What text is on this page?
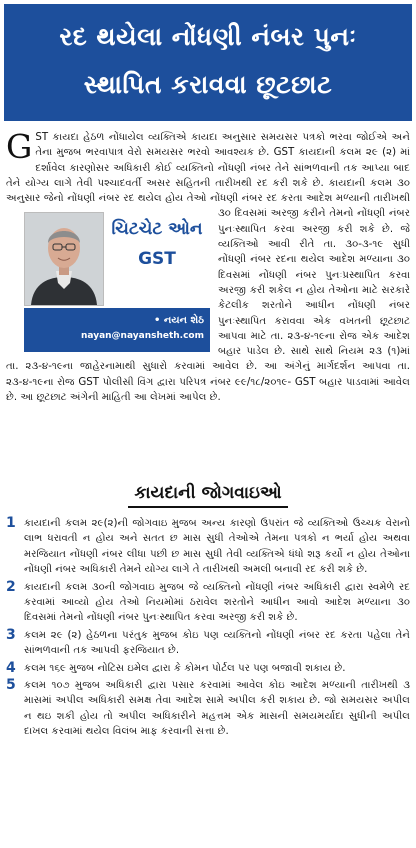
રદ થયેલા નોંધણી નંબર પુનઃ
સ્થાપિત કરાવવા છૂટછાટ
G ST કાયદા હેઠળ નોંધાયેલ વ્યક્તિએ કાયદા અનુસાર સમયસર પત્રકો ભરવા જોઈએ અને તેના મુજબ ભરવાપાત્ર વેરો સમયસર ભરવો આવશ્યક છે. GST કાયદાની કલમ ૨૯ (૨) માં દર્શાવેલ કારણોસર અધિકારી કોઈ વ્યક્તિનો નોંધણી નંબર તેને સાંભળવાની તક આપ્યા બાદ તેને યોગ્ય લાગે તેવી પશ્ચાદવર્તી અસર સહિતની તારીખથી રદ કરી શકે છે. કાયદાની કલમ ૩૦ અનુસાર જેનો નોંધણી નંબર રદ થયેલ હોય તેઓ નોંધણી નંબર રદ કરતા આદેશ મળ્યાની તારીખથી ૩૦ દિવસમાં અરજી
ચિટચેટ ઓન
GST
• નયન શેઠ
nayan@nayansheth.com
કરીને તેમનો નોંધણી નંબર પુનઃસ્થાપિત કરવા અરજી કરી શકે છે. જે વ્યક્તિઓ આવી રીતે તા. ૩૦-૩-૧૯ સુધી નોંધણી નંબર રદના થયેલ આદેશ મળ્યાના ૩૦ દિવસમાં નોંધણી નંબર પુનઃપ્રસ્થાપિત કરવા અરજી કરી શકેલ ન હોય તેઓના માટે સરકારે કેટલીક શરતોને આધીન નોંધણી નંબર પુનઃસ્થાપિત કરાવવા એક વખતની છૂટછાટ આપવા માટે તા. ૨૩-૪-૧૯ના રોજ એક આદેશ બહાર પાડેલ છે. સાથે સાથે નિયમ ૨૩ (૧)માં તા. ૨૩-૪-૧૯ના જાહેરનામાથી સુધારો કરવામાં આવેલ છે. આ અંગેનું માર્ગદર્શન આપવા તા. ૨૩-૪-૧૯ના રોજ GST પોલીસી વિંગ દ્વારા પરિપત્ર નંબર ૯૯/૧૮/૨૦૧૯- GST બહાર પાડવામાં આવેલ છે. આ છૂટછાટ અંગેની માહિતી આ લેખમાં આપેલ છે.
કાયદાની જોગવાઇઓ
1 કાયદાની કલમ ૨૯(૨)ની જોગવાઇ મુજબ અન્ય કારણો ઉપરાંત જે વ્યક્તિઓ ઉચ્ચક વેરાનો લાભ ધરાવતી ન હોય અને સતત છ માસ સુધી તેઓએ તેમના પત્રકો ન ભર્યા હોય અથવા મરજિયાત નોંધણી નંબર લીધા પછી છ માસ સુધી તેવી વ્યક્તિએ ધંધો શરૂ કર્યો ન હોય તેઓના નોંધણી નંબર અધિકારી તેમને યોગ્ય લાગે તે તારીખથી અમલી બનાવી રદ કરી શકે છે.
2 કાયદાની કલમ ૩૦ની જોગવાઇ મુજબ જે વ્યક્તિનો નોંધણી નંબર અધિકારી દ્વારા સ્વમેળે રદ કરવામાં આવ્યો હોય તેઓ નિયમોમાં ઠરાવેલ શરતોને આધીન આવો આદેશ મળ્યાના ૩૦ દિવસમાં તેમનો નોંધણી નંબર પુનઃસ્થાપિત કરવા અરજી કરી શકે છે.
3 કલમ ૨૯ (૨) હેઠળના પરંતુક મુજબ કોઇ પણ વ્યક્તિનો નોંધણી નંબર રદ કરતા પહેલા તેને સાંભળવાની તક આપવી ફરજિયાત છે.
4 કલમ ૧૬૯ મુજબ નોટિસ ઇમેલ દ્વારા કે કોમન પોર્ટલ પર પણ બજાવી શકાય છે.
5 કલમ ૧૦૭ મુજબ અધિકારી દ્વારા પસાર કરવામાં આવેલ કોઇ આદેશ મળ્યાની તારીખથી ૩ માસમાં અપીલ અધિકારી સમક્ષ તેવા આદેશ સામે અપીલ કરી શકાય છે. જો સમયસર અપીલ ન થઇ શકી હોય તો અપીલ અધિકારીને મહત્તમ એક માસની સમયમર્યાદા સુધીની અપીલ દાખલ કરવામાં થયેલ વિલંબ માફ કરવાની સત્તા છે.
